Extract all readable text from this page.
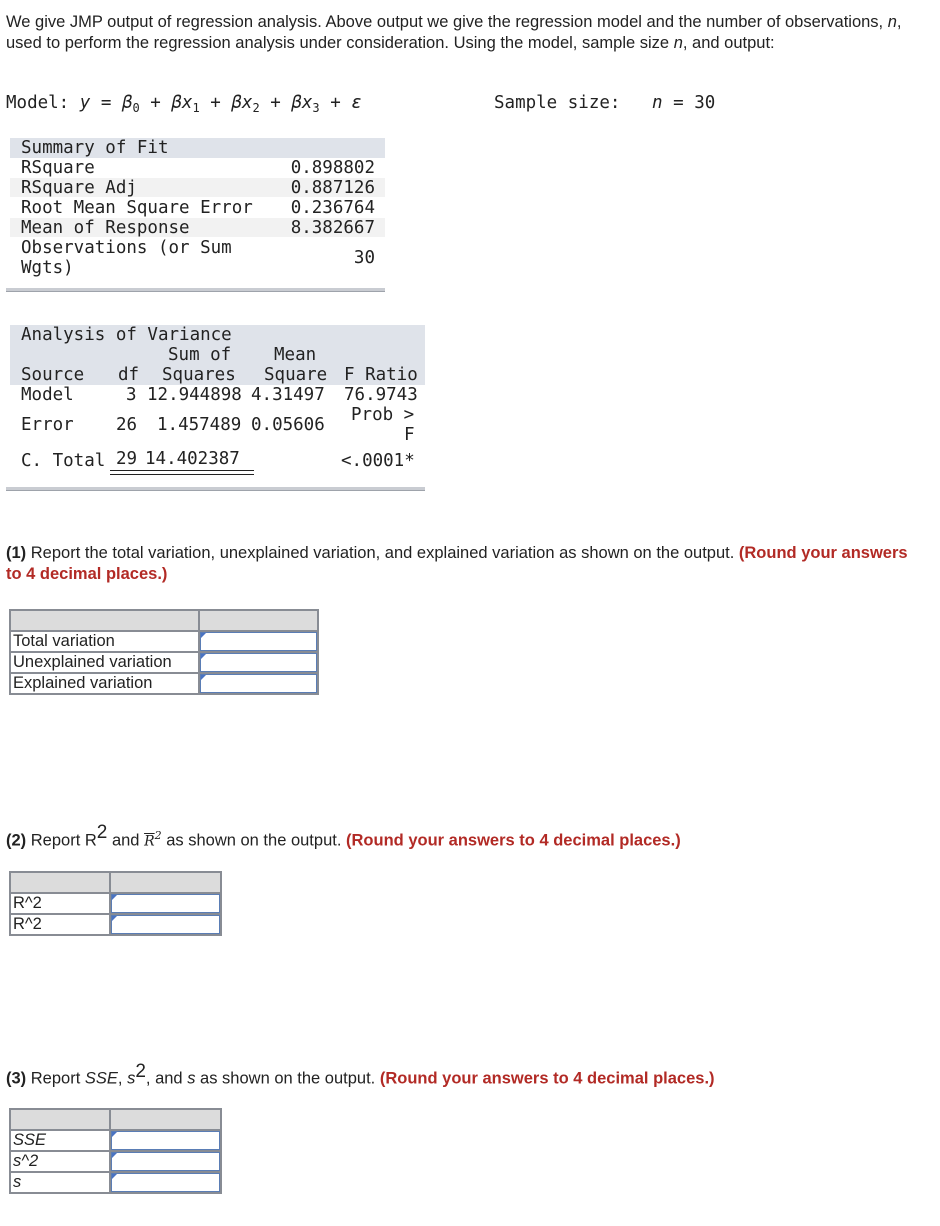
We give JMP output of regression analysis. Above output we give the regression model and the number of observations, n, used to perform the regression analysis under consideration. Using the model, sample size n, and output:
Model: $y = \beta_0 + \beta x_1 + \beta x_2 + \beta x_3 + \varepsilon$	Sample size: n = 30
Summary of Fit
RSquare	0.898802
RSquare Adj	0.887126
Root Mean Square Error 0.236764
Mean of Response	8.382667
Observations (or Sum
Wgts)	30
Analysis of Variance
Sum of Mean
Source df Squares Square F Ratio
Model	3 12.944898 4.31497 76.9743
Error 26 1.457489 0.05606 Prob >
F
C. Total 29 14.402387	<.0001*
(1) Report the total variation, unexplained variation, and explained variation as shown on the output. (Round your answers to 4 decimal places.)

Total variation	

Unexplained variation	

Explained variation	
(2) Report $R^2$ and $\overline{R}^2$ as shown on the output. (Round your answers to 4 decimal places.)

R^2	

R^2	
(3) Report SSE, $s^2$, and s as shown on the output. (Round your answers to 4 decimal places.)

SSE	

s^2	

s	
